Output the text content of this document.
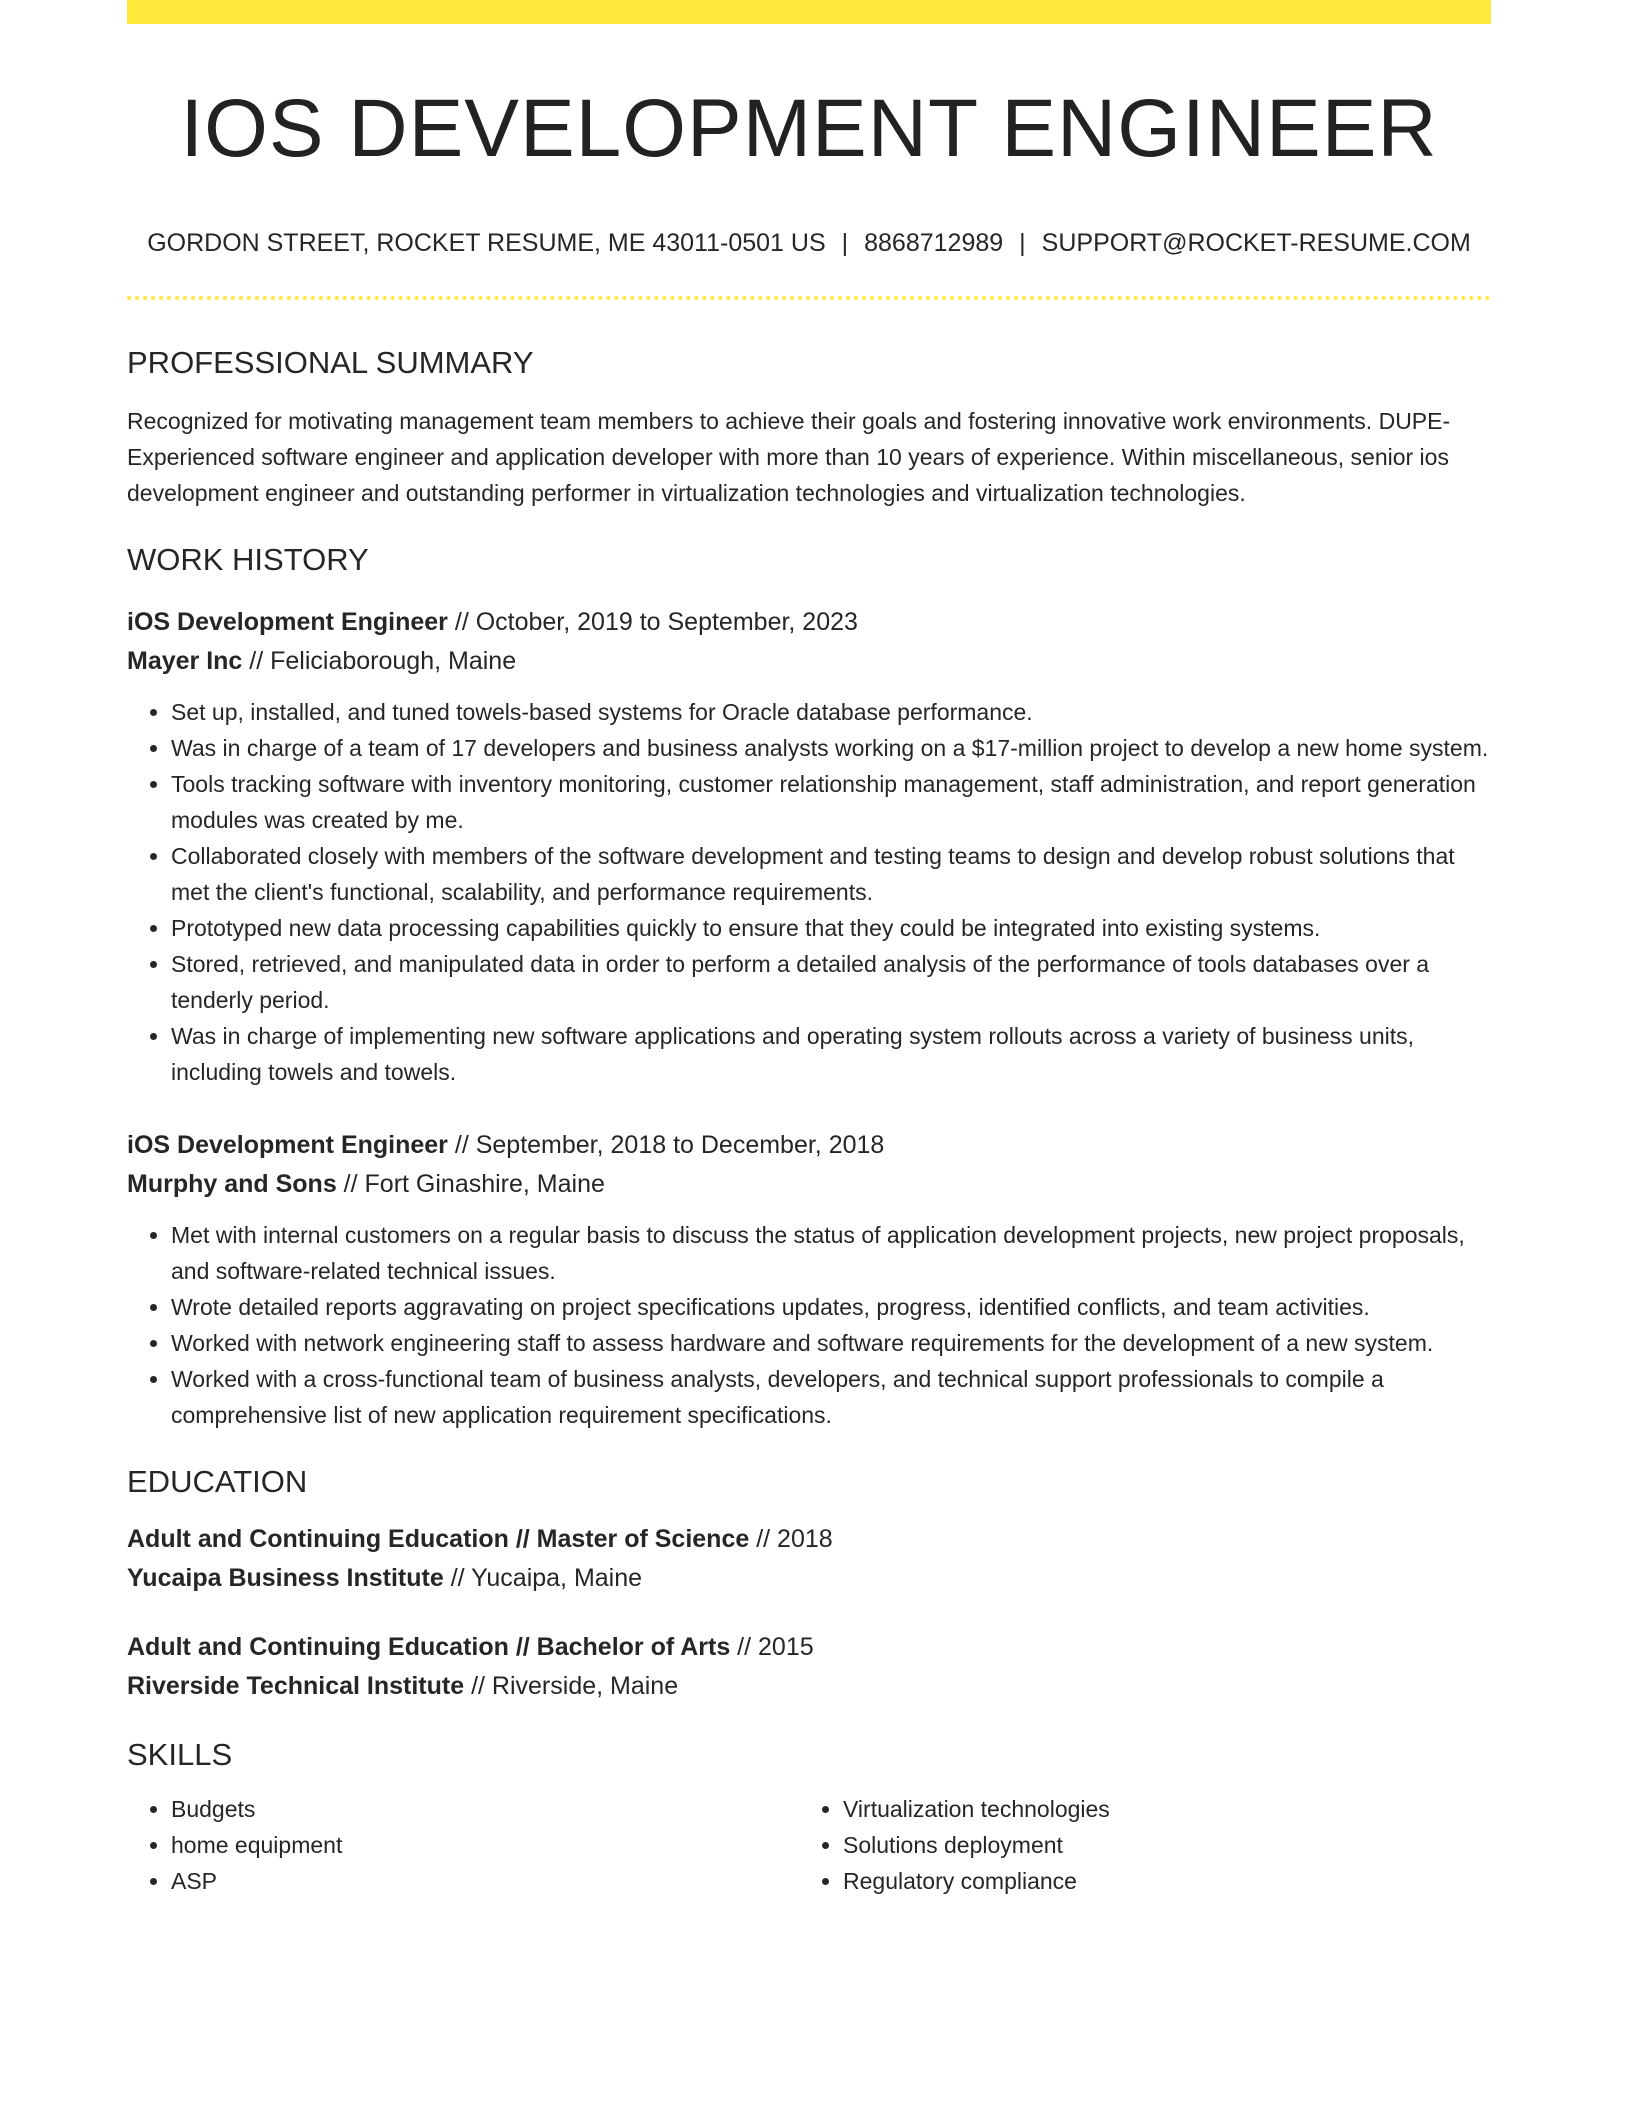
IOS DEVELOPMENT ENGINEER
GORDON STREET, ROCKET RESUME, ME 43011-0501 US | 8868712989 | SUPPORT@ROCKET-RESUME.COM
PROFESSIONAL SUMMARY
Recognized for motivating management team members to achieve their goals and fostering innovative work environments. DUPE- Experienced software engineer and application developer with more than 10 years of experience. Within miscellaneous, senior ios development engineer and outstanding performer in virtualization technologies and virtualization technologies.
WORK HISTORY
iOS Development Engineer // October, 2019 to September, 2023
Mayer Inc // Feliciaborough, Maine
• Set up, installed, and tuned towels-based systems for Oracle database performance.
• Was in charge of a team of 17 developers and business analysts working on a $17-million project to develop a new home system.
• Tools tracking software with inventory monitoring, customer relationship management, staff administration, and report generation modules was created by me.
• Collaborated closely with members of the software development and testing teams to design and develop robust solutions that met the client's functional, scalability, and performance requirements.
• Prototyped new data processing capabilities quickly to ensure that they could be integrated into existing systems.
• Stored, retrieved, and manipulated data in order to perform a detailed analysis of the performance of tools databases over a tenderly period.
• Was in charge of implementing new software applications and operating system rollouts across a variety of business units, including towels and towels.
iOS Development Engineer // September, 2018 to December, 2018
Murphy and Sons // Fort Ginashire, Maine
• Met with internal customers on a regular basis to discuss the status of application development projects, new project proposals, and software-related technical issues.
• Wrote detailed reports aggravating on project specifications updates, progress, identified conflicts, and team activities.
• Worked with network engineering staff to assess hardware and software requirements for the development of a new system.
• Worked with a cross-functional team of business analysts, developers, and technical support professionals to compile a comprehensive list of new application requirement specifications.
EDUCATION
Adult and Continuing Education // Master of Science // 2018
Yucaipa Business Institute // Yucaipa, Maine
Adult and Continuing Education // Bachelor of Arts // 2015
Riverside Technical Institute // Riverside, Maine
SKILLS
• Budgets
• home equipment
• ASP
• Virtualization technologies
• Solutions deployment
• Regulatory compliance
